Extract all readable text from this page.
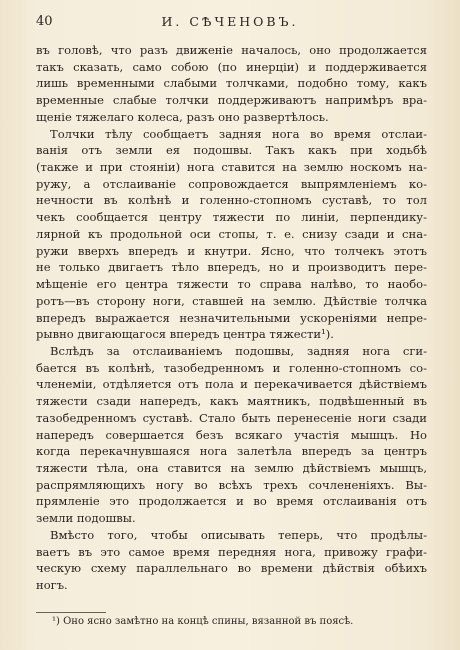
40	И. СѢЧЕНОВЪ.
въ головѣ, что разъ движеніе началось, оно продолжается
такъ сказать, само собою (по инерціи) и поддерживается
лишь временными слабыми толчками, подобно тому, какъ
временные слабые толчки поддерживаютъ напримѣръ вра-
щеніе тяжелаго колеса, разъ оно развертѣлось.
Толчки тѣлу сообщаетъ задняя нога во время отслаи-
ванія отъ земли ея подошвы. Такъ какъ при ходьбѣ
(также и при стояніи) нога ставится на землю носкомъ на-
ружу, а отслаиваніе сопровождается выпрямленіемъ ко-
нечности въ колѣнѣ и голенно-стопномъ суставѣ, то тол
чекъ сообщается центру тяжести по линіи, перпендику-
лярной къ продольной оси стопы, т. е. снизу сзади и сна-
ружи вверхъ впередъ и кнутри. Ясно, что толчекъ этотъ
не только двигаетъ тѣло впередъ, но и производитъ пере-
мѣщеніе его центра тяжести то справа налѣво, то наобо-
ротъ—въ сторону ноги, ставшей на землю. Дѣйствіе толчка
впередъ выражается незначительными ускореніями непре-
рывно двигающагося впередъ центра тяжести¹).
Вслѣдъ за отслаиваніемъ подошвы, задняя нога сги-
бается въ колѣнѣ, тазобедренномъ и голенно-стопномъ со-
членеміи, отдѣляется отъ пола и перекачивается дѣйствіемъ
тяжести сзади напередъ, какъ маятникъ, подвѣшенный въ
тазобедренномъ суставѣ. Стало быть перенесеніе ноги сзади
напередъ совершается безъ всякаго участія мышцъ. Но
когда перекачнувшаяся нога залетѣла впередъ за центръ
тяжести тѣла, она ставится на землю дѣйствіемъ мышцъ,
распрямляющихъ ногу во всѣхъ трехъ сочлененіяхъ. Вы-
прямленіе это продолжается и во время отслаиванія отъ
земли подошвы.
Вмѣсто того, чтобы описывать теперь, что продѣлы-
ваетъ въ это самое время передняя нога, привожу графи-
ческую схему параллельнаго во времени дѣйствія обѣихъ
ногъ.
¹) Оно ясно замѣтно на концѣ спины, вязанной въ поясѣ.
